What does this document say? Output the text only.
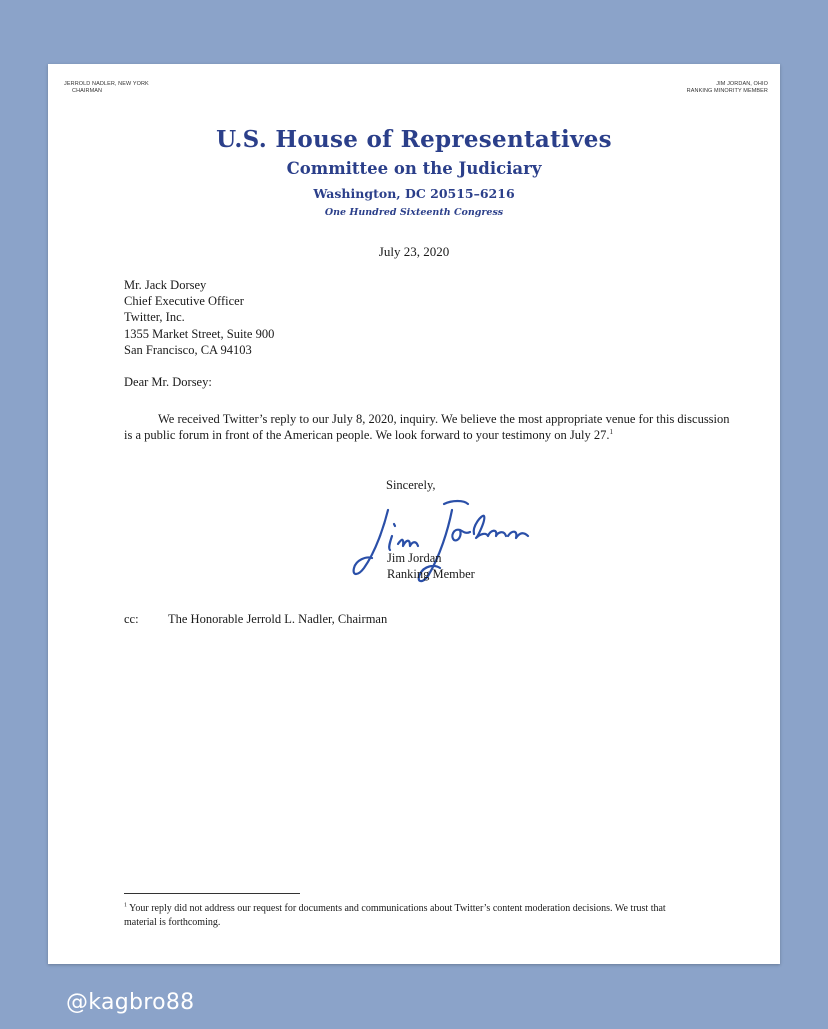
JERROLD NADLER, NEW YORK
CHAIRMAN
JIM JORDAN, OHIO
RANKING MINORITY MEMBER
U.S. House of Representatives
Committee on the Judiciary
Washington, DC 20515–6216
One Hundred Sixteenth Congress
July 23, 2020
Mr. Jack Dorsey
Chief Executive Officer
Twitter, Inc.
1355 Market Street, Suite 900
San Francisco, CA 94103
Dear Mr. Dorsey:
We received Twitter’s reply to our July 8, 2020, inquiry. We believe the most appropriate venue for this discussion is a public forum in front of the American people. We look forward to your testimony on July 27.$^1$
Sincerely,
Jim Jordan
Ranking Member
cc: The Honorable Jerrold L. Nadler, Chairman
$^1$ Your reply did not address our request for documents and communications about Twitter’s content moderation decisions. We trust that material is forthcoming.
@kagbro88
